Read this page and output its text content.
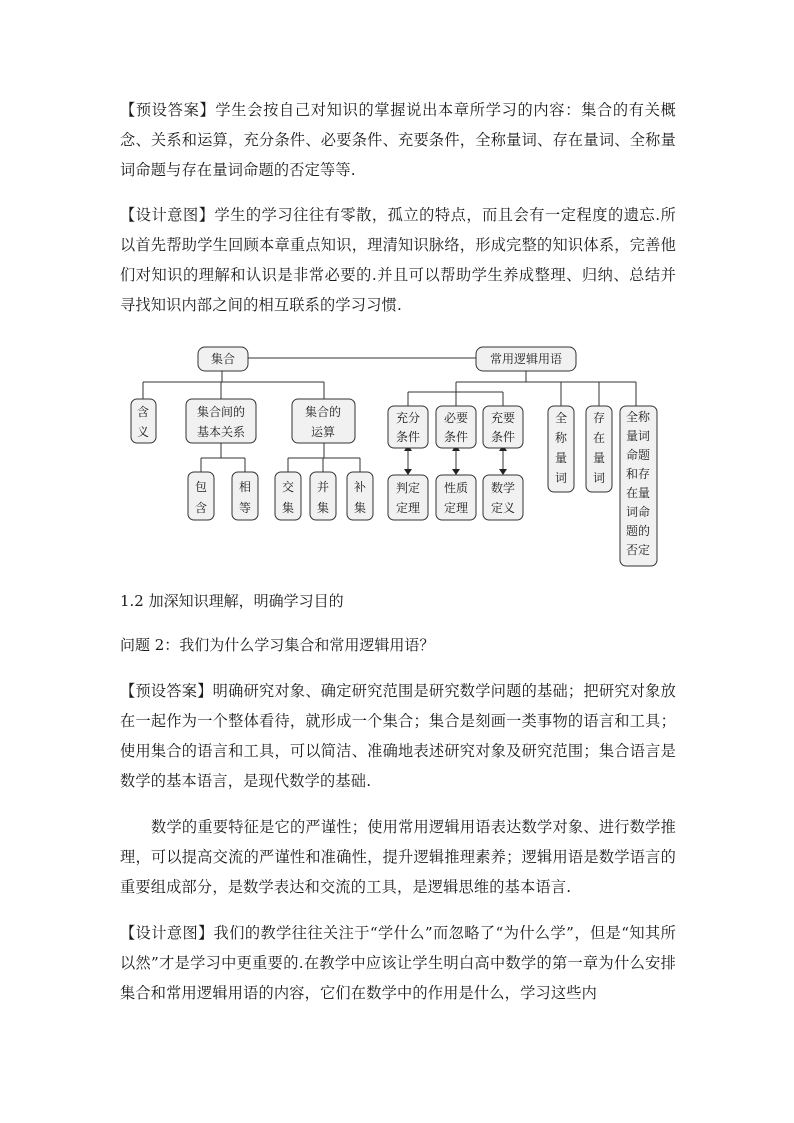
【预设答案】学生会按自己对知识的掌握说出本章所学习的内容：集合的有关概念、关系和运算，充分条件、必要条件、充要条件，全称量词、存在量词、全称量词命题与存在量词命题的否定等等.

【设计意图】学生的学习往往有零散，孤立的特点，而且会有一定程度的遗忘.所以首先帮助学生回顾本章重点知识，理清知识脉络，形成完整的知识体系，完善他们对知识的理解和认识是非常必要的.并且可以帮助学生养成整理、归纳、总结并寻找知识内部之间的相互联系的学习习惯.

集合	常用逻辑用语
含
义
集合间的
基本关系
集合的
运算
包
含
相
等
交
集
并
集
补
集
充分
条件
必要
条件
充要
条件
判定
定理
性质
定理
数学
定义
全
称
量
词
存
在
量
词
全称
量词
命题
和存
在量
词命
题的
否定

1.2 加深知识理解，明确学习目的

问题 2：我们为什么学习集合和常用逻辑用语？

【预设答案】明确研究对象、确定研究范围是研究数学问题的基础；把研究对象放在一起作为一个整体看待，就形成一个集合；集合是刻画一类事物的语言和工具；使用集合的语言和工具，可以简洁、准确地表述研究对象及研究范围；集合语言是数学的基本语言，是现代数学的基础.

数学的重要特征是它的严谨性；使用常用逻辑用语表达数学对象、进行数学推理，可以提高交流的严谨性和准确性，提升逻辑推理素养；逻辑用语是数学语言的重要组成部分，是数学表达和交流的工具，是逻辑思维的基本语言.

【设计意图】我们的教学往往关注于“学什么”而忽略了“为什么学”，但是“知其所以然”才是学习中更重要的.在教学中应该让学生明白高中数学的第一章为什么安排集合和常用逻辑用语的内容，它们在数学中的作用是什么，学习这些内
